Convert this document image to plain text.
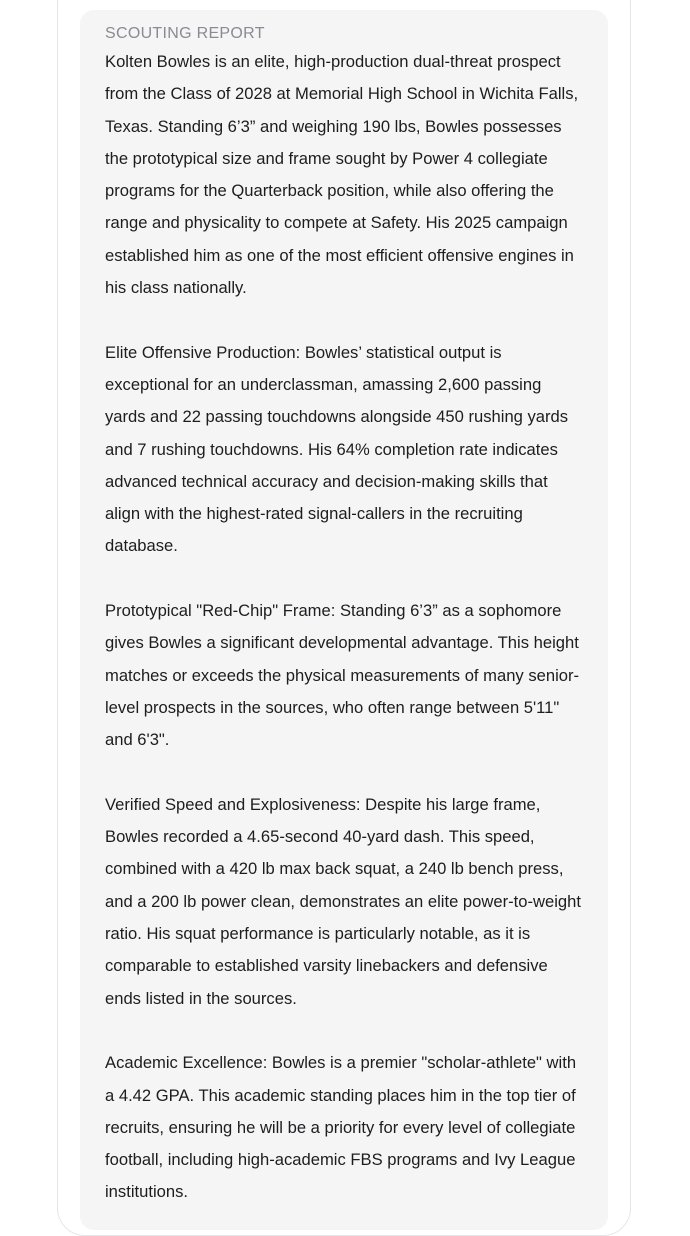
SCOUTING REPORT

Kolten Bowles is an elite, high-production dual-threat prospect from the Class of 2028 at Memorial High School in Wichita Falls, Texas. Standing 6’3” and weighing 190 lbs, Bowles possesses the prototypical size and frame sought by Power 4 collegiate programs for the Quarterback position, while also offering the range and physicality to compete at Safety. His 2025 campaign established him as one of the most efficient offensive engines in his class nationally.

Elite Offensive Production: Bowles’ statistical output is exceptional for an underclassman, amassing 2,600 passing yards and 22 passing touchdowns alongside 450 rushing yards and 7 rushing touchdowns. His 64% completion rate indicates advanced technical accuracy and decision-making skills that align with the highest-rated signal-callers in the recruiting database.

Prototypical "Red-Chip" Frame: Standing 6’3” as a sophomore gives Bowles a significant developmental advantage. This height matches or exceeds the physical measurements of many senior-level prospects in the sources, who often range between 5'11" and 6'3".

Verified Speed and Explosiveness: Despite his large frame, Bowles recorded a 4.65-second 40-yard dash. This speed, combined with a 420 lb max back squat, a 240 lb bench press, and a 200 lb power clean, demonstrates an elite power-to-weight ratio. His squat performance is particularly notable, as it is comparable to established varsity linebackers and defensive ends listed in the sources.

Academic Excellence: Bowles is a premier "scholar-athlete" with a 4.42 GPA. This academic standing places him in the top tier of recruits, ensuring he will be a priority for every level of collegiate football, including high-academic FBS programs and Ivy League institutions.
